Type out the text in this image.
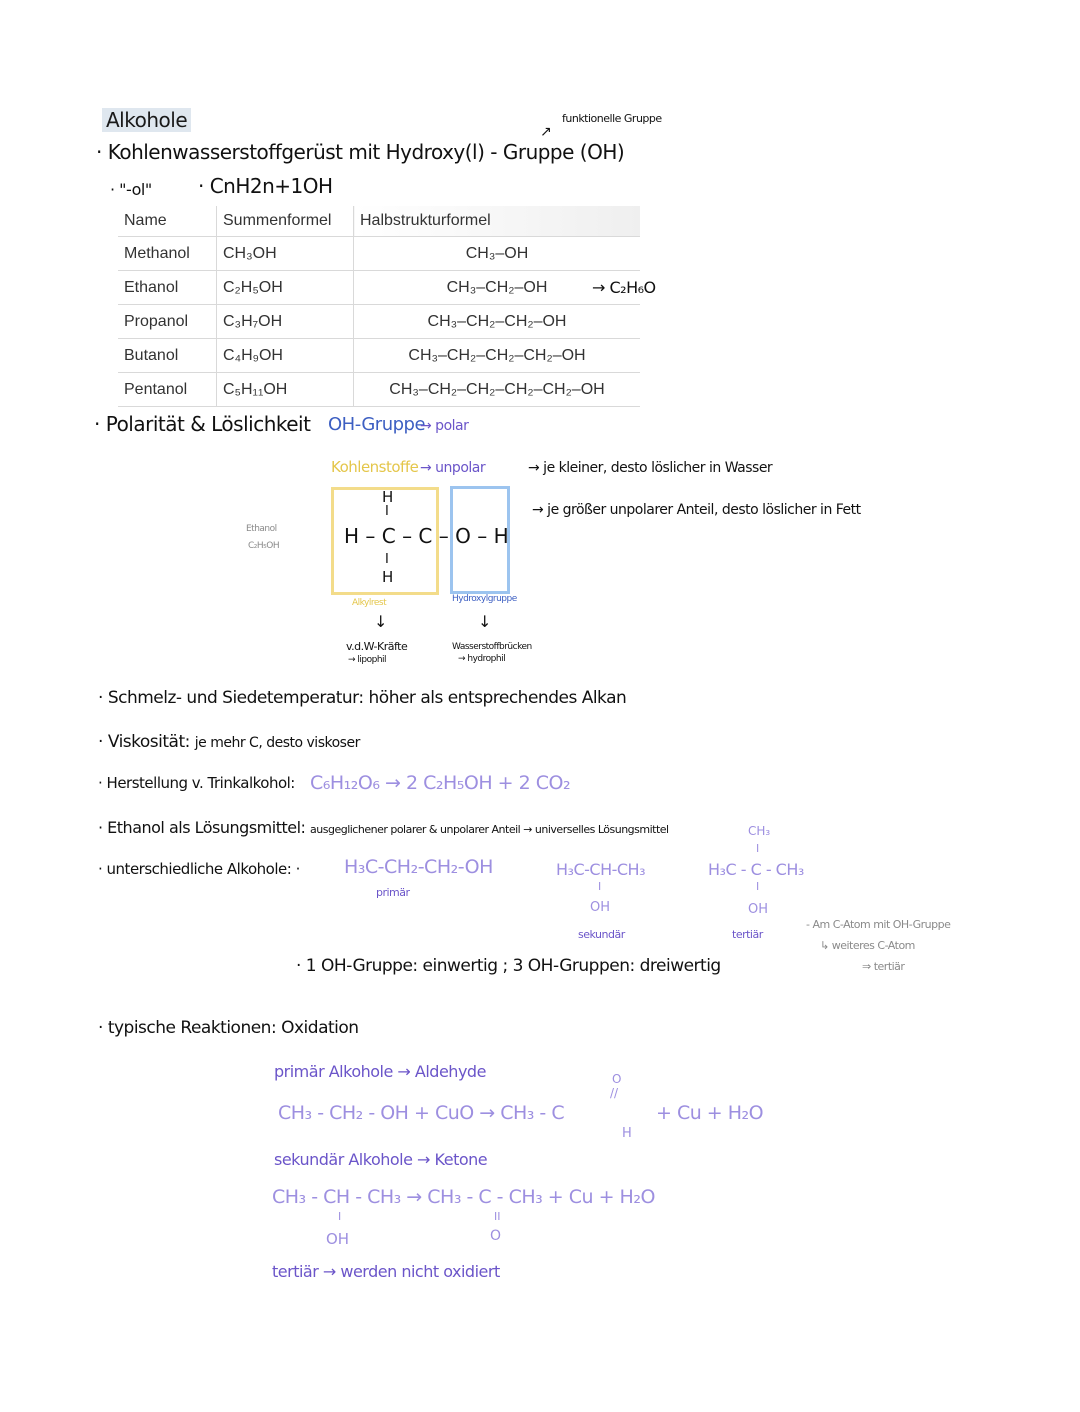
Alkohole	funktionelle Gruppe
↗
· Kohlenwasserstoffgerüst mit Hydroxy(l) - Gruppe (OH)
· "-ol" · CnH2n+1OH
Name	Summenformel	Halbstrukturformel
Methanol	CH₃OH	CH₃–OH
Ethanol	C₂H₅OH	CH₃–CH₂–OH
Propanol	C₃H₇OH	CH₃–CH₂–CH₂–OH
Butanol	C₄H₉OH	CH₃–CH₂–CH₂–CH₂–OH
Pentanol	C₅H₁₁OH	CH₃–CH₂–CH₂–CH₂–CH₂–OH
→ C₂H₆O
· Polarität & Löslichkeit OH-Gruppe
→ polar
Kohlenstoffe → unpolar	→ je kleiner, desto löslicher in Wasser
→ je größer unpolarer Anteil, desto löslicher in Fett
Ethanol
C₂H₅OH
H
I
H – C – C – O – H
I
H
Alkylrest	Hydroxylgruppe
↓	↓
v.d.W-Kräfte
→ lipophil
Wasserstoffbrücken
→ hydrophil
· Schmelz- und Siedetemperatur: höher als entsprechendes Alkan
· Viskosität: je mehr C, desto viskoser
· Herstellung v. Trinkalkohol: C₆H₁₂O₆ → 2 C₂H₅OH + 2 CO₂
· Ethanol als Lösungsmittel: ausgeglichener polarer & unpolarer Anteil → universelles Lösungsmittel
· unterschiedliche Alkohole: · H₃C-CH₂-CH₂-OH
primär
H₃C-CH-CH₃
I
OH
sekundär
CH₃
I
H₃C - C - CH₃
I
OH
tertiär
- Am C-Atom mit OH-Gruppe
↳ weiteres C-Atom
⇒ tertiär
· 1 OH-Gruppe: einwertig ; 3 OH-Gruppen: dreiwertig
· typische Reaktionen: Oxidation
primär Alkohole → Aldehyde	O
//
CH₃ - CH₂ - OH + CuO → CH₃ - C
H
+ Cu + H₂O
sekundär Alkohole → Ketone
CH₃ - CH - CH₃ → CH₃ - C - CH₃ + Cu + H₂O
I	II
OH	O
tertiär → werden nicht oxidiert
